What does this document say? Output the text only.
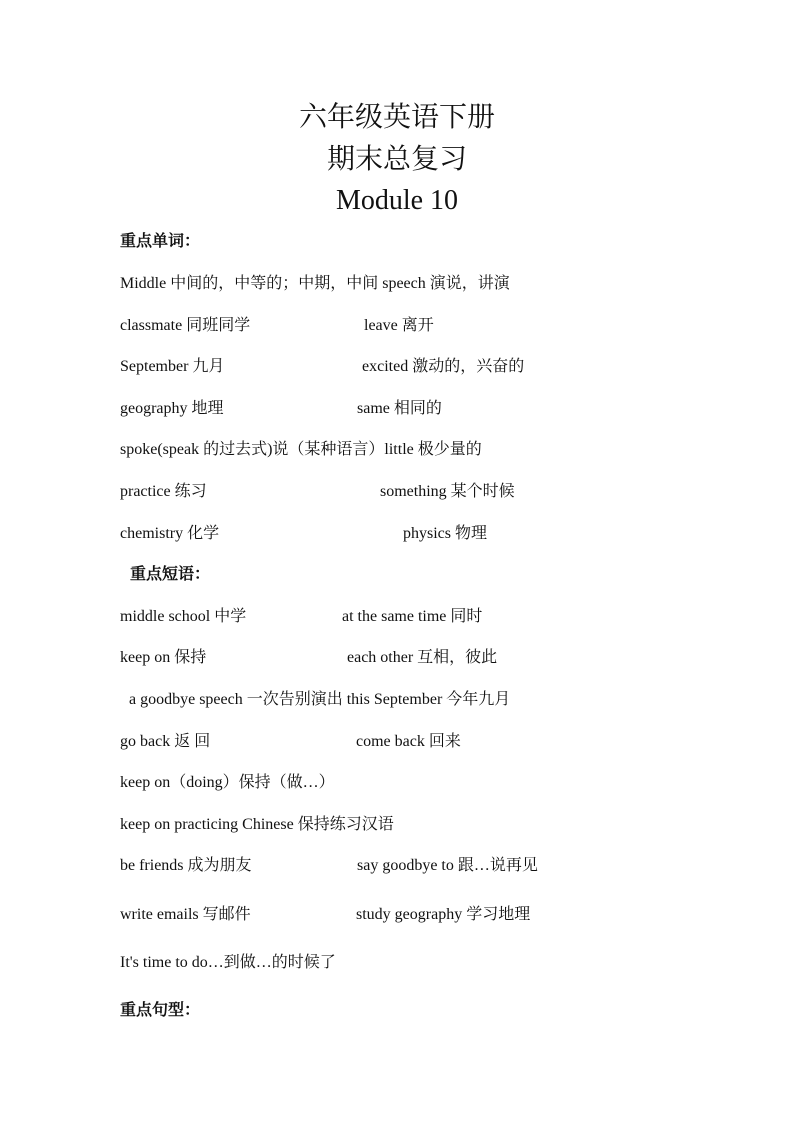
六年级英语下册
期末总复习
Module 10
重点单词：
Middle 中间的，中等的；中期，中间 speech 演说，讲演
classmate 同班同学	leave 离开
September 九月	excited 激动的，兴奋的
geography 地理	same 相同的
spoke(speak 的过去式)说（某种语言）little 极少量的
practice 练习	something 某个时候
chemistry 化学	physics 物理
重点短语：
middle school 中学	at the same time 同时
keep on 保持	each other 互相，彼此
a goodbye speech 一次告别演出 this September 今年九月
go back 返 回	come back 回来
keep on（doing）保持（做…）
keep on practicing Chinese 保持练习汉语
be friends 成为朋友	say goodbye to 跟…说再见
write emails 写邮件	study geography 学习地理
It's time to do…到做…的时候了
重点句型：
